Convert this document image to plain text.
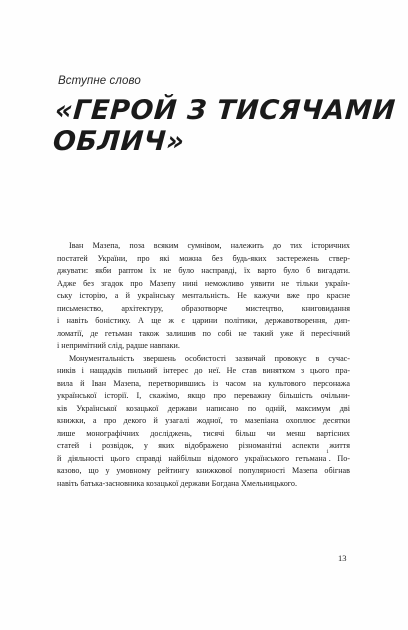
Вступне слово
«ГЕРОЙ З ТИСЯЧАМИ
ОБЛИЧ»
Іван Мазепа, поза всяким сумнівом, належить до тих історичних
постатей України, про які можна без будь-яких застережень ствер-
джувати: якби раптом їх не було насправді, їх варто було б вигадати.
Адже без згадок про Мазепу нині неможливо уявити не тільки україн-
ську історію, а й українську ментальність. Не кажучи вже про красне
письменство, архітектуру, образотворче мистецтво, книговидання
і навіть боністику. А ще ж є царини політики, державотворення, дип-
ломатії, де гетьман також залишив по собі не такий уже й пересічний
і непримітний слід, радше навпаки.
Монументальність звершень особистості зазвичай провокує в сучас-
ників і нащадків пильний інтерес до неї. Не став винятком з цього пра-
вила й Іван Мазепа, перетворившись із часом на культового персонажа
української історії. І, скажімо, якщо про переважну більшість очільни-
ків Української козацької держави написано по одній, максимум дві
книжки, а про декого й узагалі жодної, то мазепіана охоплює десятки
лише монографічних досліджень, тисячі більш чи менш вартісних
статей і розвідок, у яких відображено різноманітні аспекти життя
й діяльності цього справді найбільш відомого українського гетьмана$^1$. По-
казово, що у умовному рейтингу книжкової популярності Мазепа обігнав
навіть батька-засновника козацької держави Богдана Хмельницького.
13
